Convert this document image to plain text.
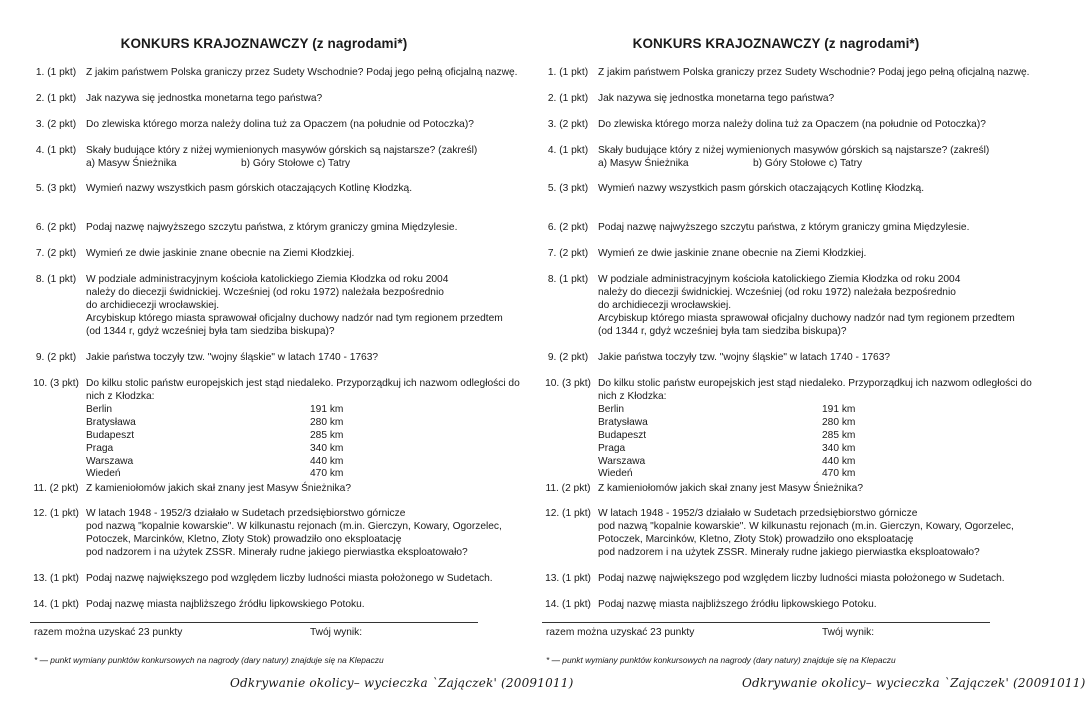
KONKURS KRAJOZNAWCZY (z nagrodami*)
1. (1 pkt) Z jakim państwem Polska graniczy przez Sudety Wschodnie? Podaj jego pełną oficjalną nazwę.
2. (1 pkt) Jak nazywa się jednostka monetarna tego państwa?
3. (2 pkt) Do zlewiska którego morza należy dolina tuż za Opaczem (na południe od Potoczka)?
4. (1 pkt) Skały budujące który z niżej wymienionych masywów górskich są najstarsze? (zakreśl)
a) Masyw Śnieżnika	b) Góry Stołowe c) Tatry
5. (3 pkt) Wymień nazwy wszystkich pasm górskich otaczających Kotlinę Kłodzką.
6. (2 pkt) Podaj nazwę najwyższego szczytu państwa, z którym graniczy gmina Międzylesie.
7. (2 pkt) Wymień ze dwie jaskinie znane obecnie na Ziemi Kłodzkiej.
8. (1 pkt) W podziale administracyjnym kościoła katolickiego Ziemia Kłodzka od roku 2004
należy do diecezji świdnickiej. Wcześniej (od roku 1972) należała bezpośrednio
do archidiecezji wrocławskiej.
Arcybiskup którego miasta sprawował oficjalny duchowy nadzór nad tym regionem przedtem
(od 1344 r, gdyż wcześniej była tam siedziba biskupa)?
9. (2 pkt) Jakie państwa toczyły tzw. "wojny śląskie" w latach 1740 - 1763?
10. (3 pkt) Do kilku stolic państw europejskich jest stąd niedaleko. Przyporządkuj ich nazwom odległości do
nich z Kłodzka:
Berlin	191 km
Bratysława	280 km
Budapeszt	285 km
Praga	340 km
Warszawa	440 km
Wiedeń	470 km
11. (2 pkt) Z kamieniołomów jakich skał znany jest Masyw Śnieżnika?
12. (1 pkt) W latach 1948 - 1952/3 działało w Sudetach przedsiębiorstwo górnicze
pod nazwą "kopalnie kowarskie". W kilkunastu rejonach (m.in. Gierczyn, Kowary, Ogorzelec,
Potoczek, Marcinków, Kletno, Złoty Stok) prowadziło ono eksploatację
pod nadzorem i na użytek ZSSR. Minerały rudne jakiego pierwiastka eksploatowało?
13. (1 pkt) Podaj nazwę największego pod względem liczby ludności miasta położonego w Sudetach.
14. (1 pkt) Podaj nazwę miasta najbliższego źródłu lipkowskiego Potoku.
razem można uzyskać 23 punkty	Twój wynik:
* — punkt wymiany punktów konkursowych na nagrody (dary natury) znajduje się na Klepaczu
Odkrywanie okolicy– wycieczka `Zajączek' (20091011)
KONKURS KRAJOZNAWCZY (z nagrodami*)
1. (1 pkt) Z jakim państwem Polska graniczy przez Sudety Wschodnie? Podaj jego pełną oficjalną nazwę.
2. (1 pkt) Jak nazywa się jednostka monetarna tego państwa?
3. (2 pkt) Do zlewiska którego morza należy dolina tuż za Opaczem (na południe od Potoczka)?
4. (1 pkt) Skały budujące który z niżej wymienionych masywów górskich są najstarsze? (zakreśl)
a) Masyw Śnieżnika	b) Góry Stołowe c) Tatry
5. (3 pkt) Wymień nazwy wszystkich pasm górskich otaczających Kotlinę Kłodzką.
6. (2 pkt) Podaj nazwę najwyższego szczytu państwa, z którym graniczy gmina Międzylesie.
7. (2 pkt) Wymień ze dwie jaskinie znane obecnie na Ziemi Kłodzkiej.
8. (1 pkt) W podziale administracyjnym kościoła katolickiego Ziemia Kłodzka od roku 2004
należy do diecezji świdnickiej. Wcześniej (od roku 1972) należała bezpośrednio
do archidiecezji wrocławskiej.
Arcybiskup którego miasta sprawował oficjalny duchowy nadzór nad tym regionem przedtem
(od 1344 r, gdyż wcześniej była tam siedziba biskupa)?
9. (2 pkt) Jakie państwa toczyły tzw. "wojny śląskie" w latach 1740 - 1763?
10. (3 pkt) Do kilku stolic państw europejskich jest stąd niedaleko. Przyporządkuj ich nazwom odległości do
nich z Kłodzka:
Berlin	191 km
Bratysława	280 km
Budapeszt	285 km
Praga	340 km
Warszawa	440 km
Wiedeń	470 km
11. (2 pkt) Z kamieniołomów jakich skał znany jest Masyw Śnieżnika?
12. (1 pkt) W latach 1948 - 1952/3 działało w Sudetach przedsiębiorstwo górnicze
pod nazwą "kopalnie kowarskie". W kilkunastu rejonach (m.in. Gierczyn, Kowary, Ogorzelec,
Potoczek, Marcinków, Kletno, Złoty Stok) prowadziło ono eksploatację
pod nadzorem i na użytek ZSSR. Minerały rudne jakiego pierwiastka eksploatowało?
13. (1 pkt) Podaj nazwę największego pod względem liczby ludności miasta położonego w Sudetach.
14. (1 pkt) Podaj nazwę miasta najbliższego źródłu lipkowskiego Potoku.
razem można uzyskać 23 punkty	Twój wynik:
* — punkt wymiany punktów konkursowych na nagrody (dary natury) znajduje się na Klepaczu
Odkrywanie okolicy– wycieczka `Zajączek' (20091011)
